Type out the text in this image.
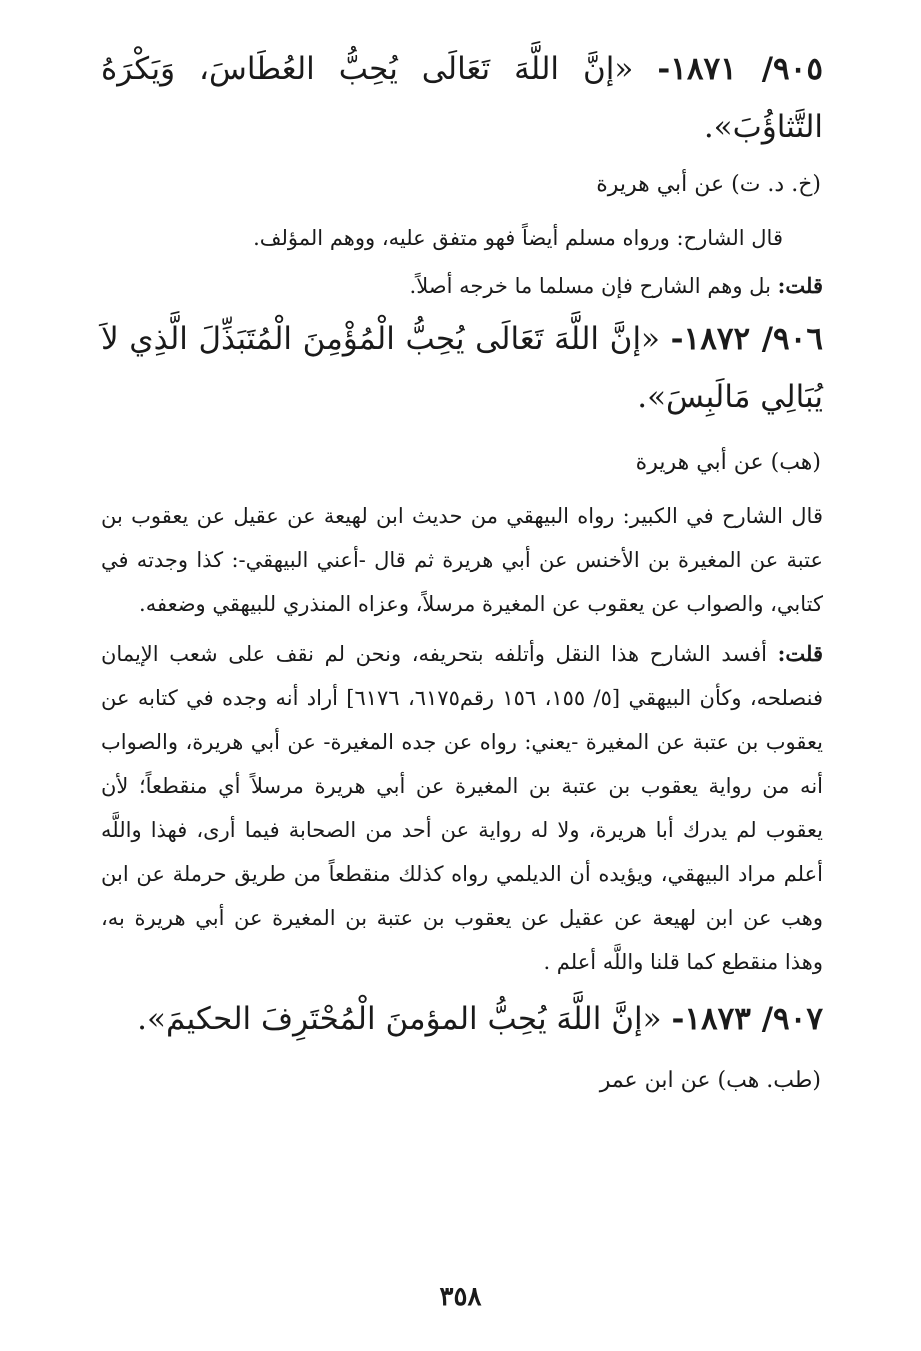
٩٠٥/ ١٨٧١- «إنَّ اللَّهَ تَعَالَى يُحِبُّ العُطَاسَ، وَيَكْرَهُ التَّثاؤُبَ».

(خ. د. ت) عن أبي هريرة

قال الشارح: ورواه مسلم أيضاً فهو متفق عليه، ووهم المؤلف.

قلت: بل وهم الشارح فإن مسلما ما خرجه أصلاً.

٩٠٦/ ١٨٧٢- «إنَّ اللَّهَ تَعَالَى يُحِبُّ الْمُؤْمِنَ الْمُتَبَذِّلَ الَّذِي لاَ يُبَالِي مَالَبِسَ».

(هب) عن أبي هريرة

قال الشارح في الكبير: رواه البيهقي من حديث ابن لهيعة عن عقيل عن يعقوب بن عتبة عن المغيرة بن الأخنس عن أبي هريرة ثم قال -أعني البيهقي-: كذا وجدته في كتابي، والصواب عن يعقوب عن المغيرة مرسلاً، وعزاه المنذري للبيهقي وضعفه.

قلت: أفسد الشارح هذا النقل وأتلفه بتحريفه، ونحن لم نقف على شعب الإيمان فنصلحه، وكأن البيهقي [٥/ ١٥٥، ١٥٦ رقم٦١٧٥، ٦١٧٦] أراد أنه وجده في كتابه عن يعقوب بن عتبة عن المغيرة -يعني: رواه عن جده المغيرة- عن أبي هريرة، والصواب أنه من رواية يعقوب بن عتبة بن المغيرة عن أبي هريرة مرسلاً أي منقطعاً؛ لأن يعقوب لم يدرك أبا هريرة، ولا له رواية عن أحد من الصحابة فيما أرى، فهذا واللَّه أعلم مراد البيهقي، ويؤيده أن الديلمي رواه كذلك منقطعاً من طريق حرملة عن ابن وهب عن ابن لهيعة عن عقيل عن يعقوب بن عتبة بن المغيرة عن أبي هريرة به، وهذا منقطع كما قلنا واللَّه أعلم .

٩٠٧/ ١٨٧٣- «إنَّ اللَّهَ يُحِبُّ المؤمنَ الْمُحْتَرِفَ الحكيمَ».

(طب. هب) عن ابن عمر

٣٥٨
